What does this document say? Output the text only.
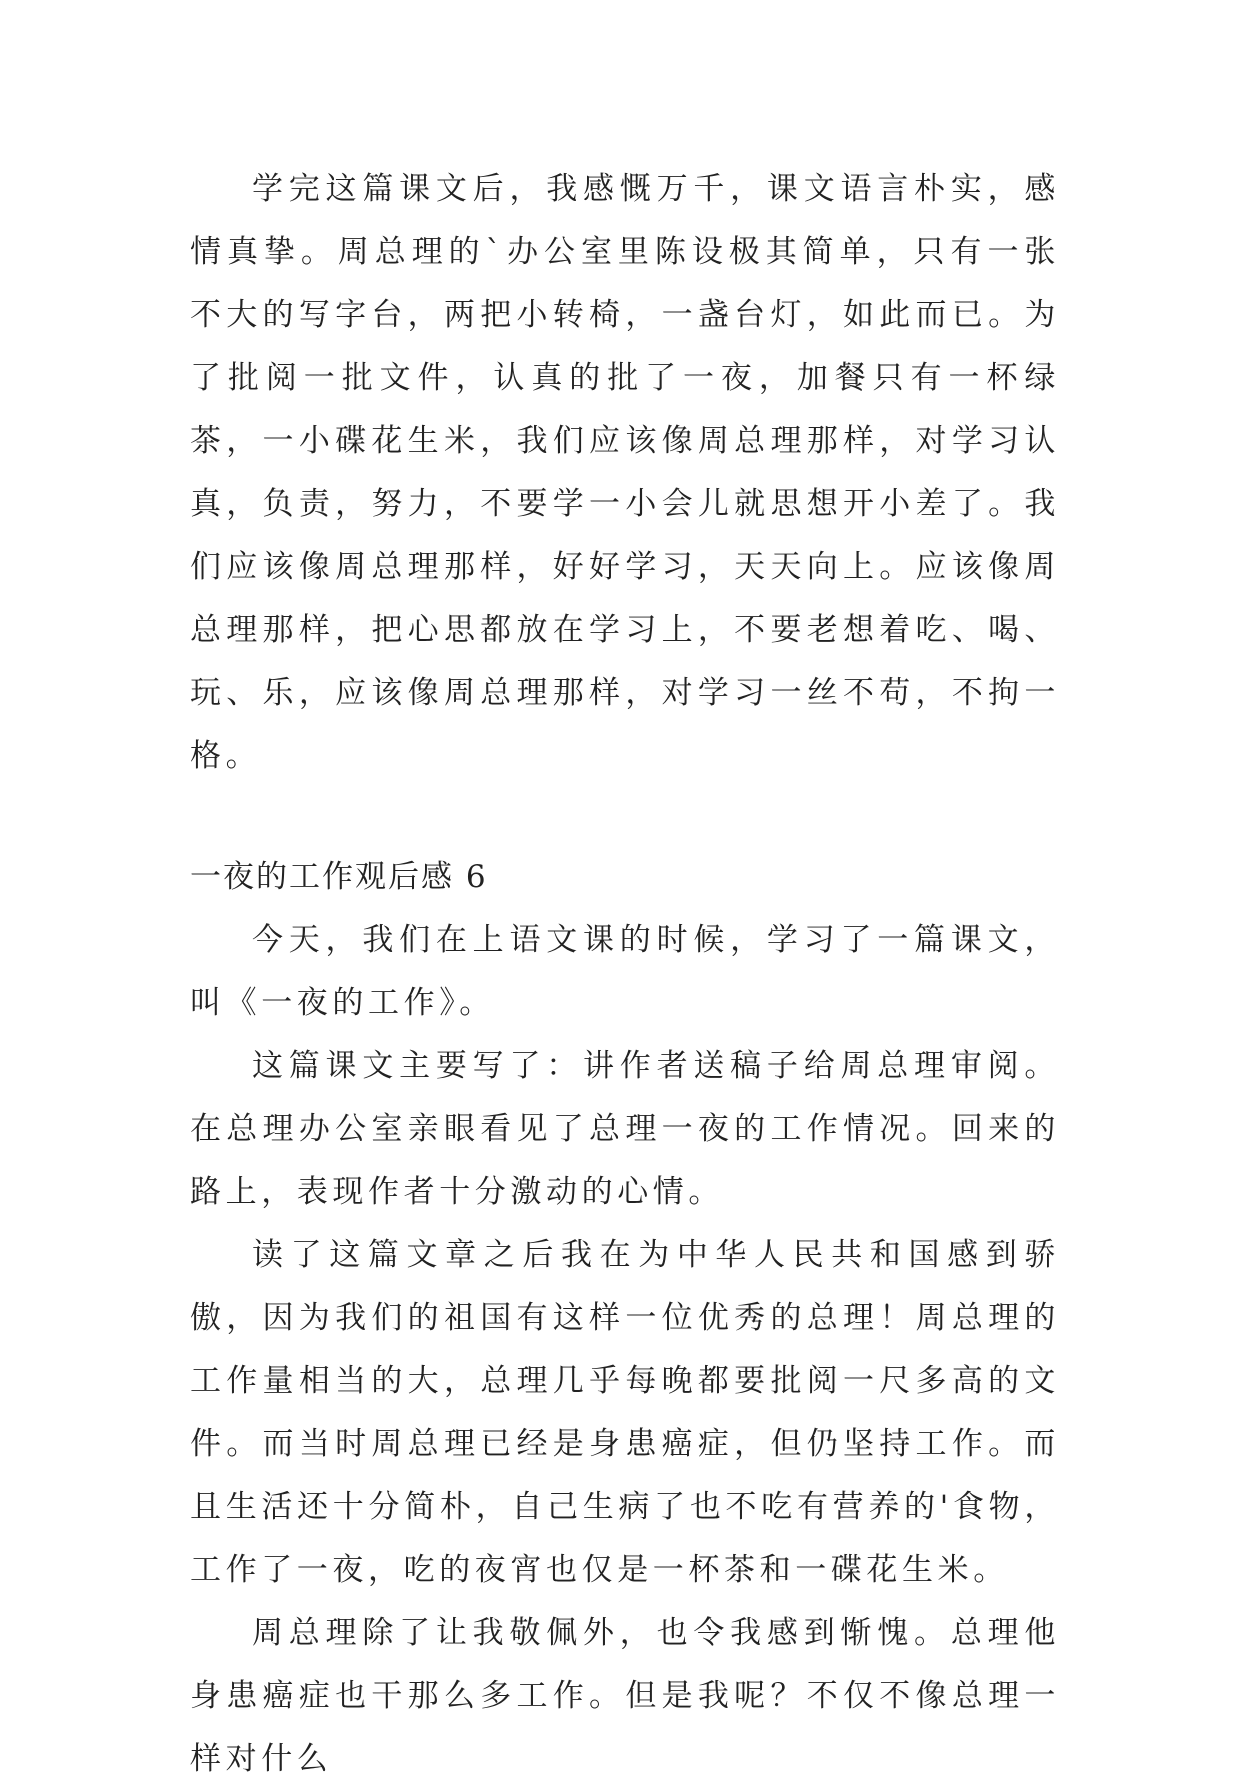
学完这篇课文后，我感慨万千，课文语言朴实，感情真挚。周总理的`办公室里陈设极其简单，只有一张不大的写字台，两把小转椅，一盏台灯，如此而已。为了批阅一批文件，认真的批了一夜，加餐只有一杯绿茶，一小碟花生米，我们应该像周总理那样，对学习认真，负责，努力，不要学一小会儿就思想开小差了。我们应该像周总理那样，好好学习，天天向上。应该像周总理那样，把心思都放在学习上，不要老想着吃、喝、玩、乐，应该像周总理那样，对学习一丝不苟，不拘一格。

一夜的工作观后感 6

今天，我们在上语文课的时候，学习了一篇课文，叫《一夜的工作》。

这篇课文主要写了：讲作者送稿子给周总理审阅。在总理办公室亲眼看见了总理一夜的工作情况。回来的路上，表现作者十分激动的心情。

读了这篇文章之后我在为中华人民共和国感到骄傲，因为我们的祖国有这样一位优秀的总理！周总理的工作量相当的大，总理几乎每晚都要批阅一尺多高的文件。而当时周总理已经是身患癌症，但仍坚持工作。而且生活还十分简朴，自己生病了也不吃有营养的'食物，工作了一夜，吃的夜宵也仅是一杯茶和一碟花生米。

周总理除了让我敬佩外，也令我感到惭愧。总理他身患癌症也干那么多工作。但是我呢？不仅不像总理一样对什么
